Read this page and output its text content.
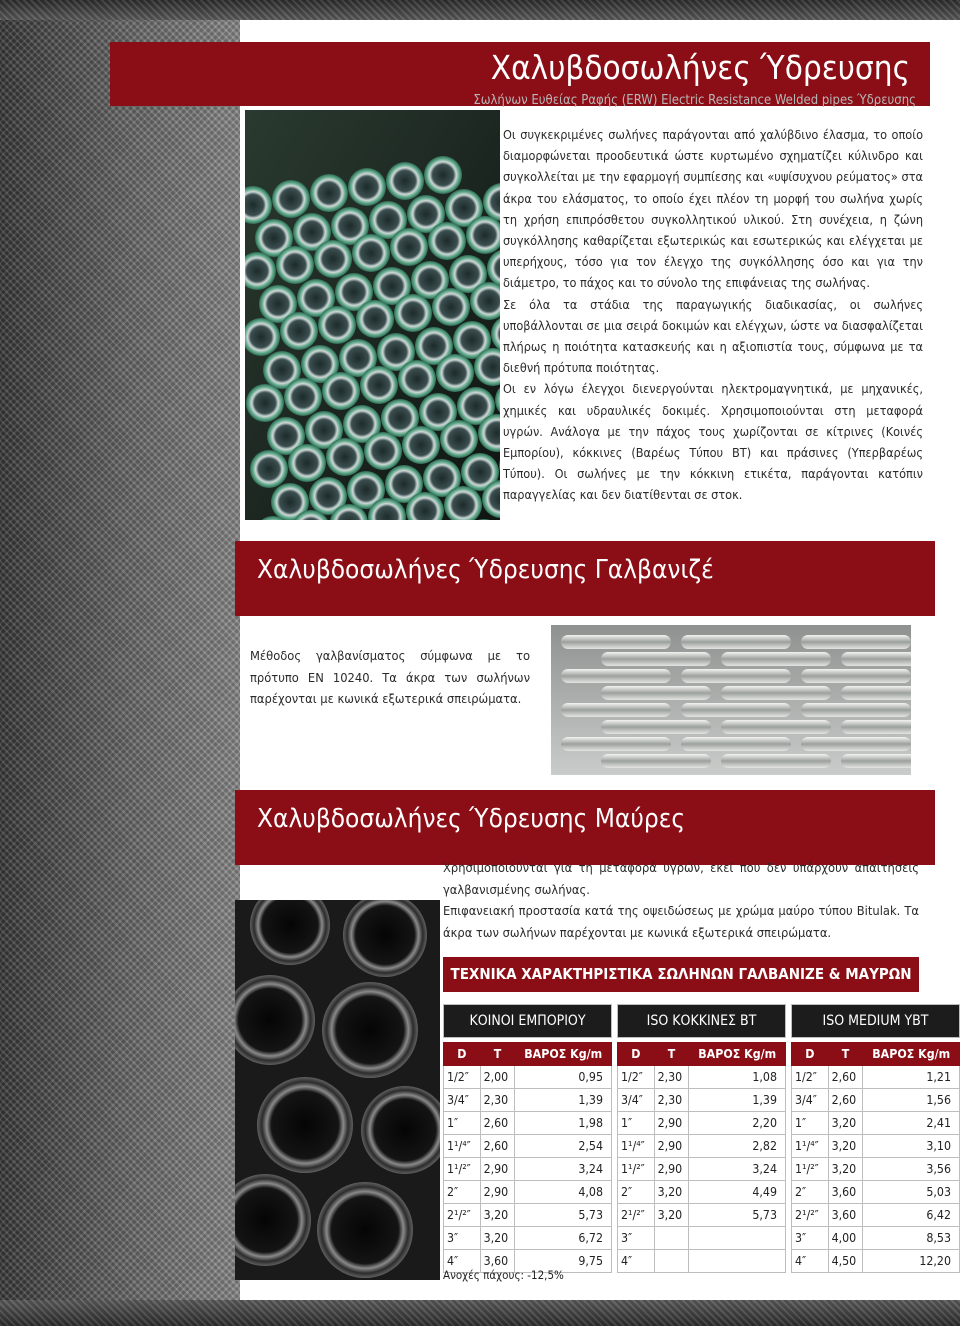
Χαλυβδοσωλήνες Ύδρευσης
Σωλήνων Ευθείας Ραφής (ERW) Electric Resistance Welded pipes Ύδρευσης

Οι συγκεκριμένες σωλήνες παράγονται από χαλύβδινο έλασμα, το οποίο διαμορφώνεται προοδευτικά ώστε κυρτωμένο σχηματίζει κύλινδρο και συγκολλείται με την εφαρμογή συμπίεσης και «υψίσυχνου ρεύματος» στα άκρα του ελάσματος, το οποίο έχει πλέον τη μορφή του σωλήνα χωρίς τη χρήση επιπρόσθετου συγκολλητικού υλικού. Στη συνέχεια, η ζώνη συγκόλλησης καθαρίζεται εξωτερικώς και εσωτερικώς και ελέγχεται με υπερήχους, τόσο για τον έλεγχο της συγκόλλησης όσο και για την διάμετρο, το πάχος και το σύνολο της επιφάνειας της σωλήνας.

Σε όλα τα στάδια της παραγωγικής διαδικασίας, οι σωλήνες υποβάλλονται σε μια σειρά δοκιμών και ελέγχων, ώστε να διασφαλίζεται πλήρως η ποιότητα κατασκευής και η αξιοπιστία τους, σύμφωνα με τα διεθνή πρότυπα ποιότητας.

Οι εν λόγω έλεγχοι διενεργούνται ηλεκτρομαγνητικά, με μηχανικές, χημικές και υδραυλικές δοκιμές. Χρησιμοποιούνται στη μεταφορά υγρών. Ανάλογα με την πάχος τους χωρίζονται σε κίτρινες (Κοινές Εμπορίου), κόκκινες (Βαρέως Τύπου ΒΤ) και πράσινες (Υπερβαρέως Τύπου). Οι σωλήνες με την κόκκινη ετικέτα, παράγονται κατόπιν παραγγελίας και δεν διατίθενται σε στοκ.

Χαλυβδοσωλήνες Ύδρευσης Γαλβανιζέ

Μέθοδος γαλβανίσματος σύμφωνα με το πρότυπο EN 10240. Τα άκρα των σωλήνων παρέχονται με κωνικά εξωτερικά σπειρώματα.

Χαλυβδοσωλήνες Ύδρευσης Μαύρες

Χρησιμοποιούνται για τη μεταφορά υγρών, εκεί που δεν υπάρχουν απαιτήσεις γαλβανισμένης σωλήνας.

Επιφανειακή προστασία κατά της οψειδώσεως με χρώμα μαύρο τύπου Bitulak. Τα άκρα των σωλήνων παρέχονται με κωνικά εξωτερικά σπειρώματα.

ΤΕΧΝΙΚΑ ΧΑΡΑΚΤΗΡΙΣΤΙΚΑ ΣΩΛΗΝΩΝ ΓΑΛΒΑΝΙΖΕ & ΜΑΥΡΩΝ
ΚΟΙΝΟΙ ΕΜΠΟΡΙΟΥ		

D	T	ΒΑΡΟΣ Kg/m
1/2″	2,00	0,95
3/4″	2,30	1,39
1″	2,60	1,98
1¹/⁴″	2,60	2,54
1¹/²″	2,90	3,24
2″	2,90	4,08
2¹/²″	3,20	5,73
3″	3,20	6,72
4″	3,60	9,75
ISO ΚΟΚΚΙΝΕΣ ΒΤ		

D	T	ΒΑΡΟΣ Kg/m
1/2″	2,30	1,08
3/4″	2,30	1,39
1″	2,90	2,20
1¹/⁴″	2,90	2,82
1¹/²″	2,90	3,24
2″	3,20	4,49
2¹/²″	3,20	5,73
3″		
4″		
ISO MEDIUM YBT		

D	T	ΒΑΡΟΣ Kg/m
1/2″	2,60	1,21
3/4″	2,60	1,56
1″	3,20	2,41
1¹/⁴″	3,20	3,10
1¹/²″	3,20	3,56
2″	3,60	5,03
2¹/²″	3,60	6,42
3″	4,00	8,53
4″	4,50	12,20
Ανοχές πάχους: -12,5%
